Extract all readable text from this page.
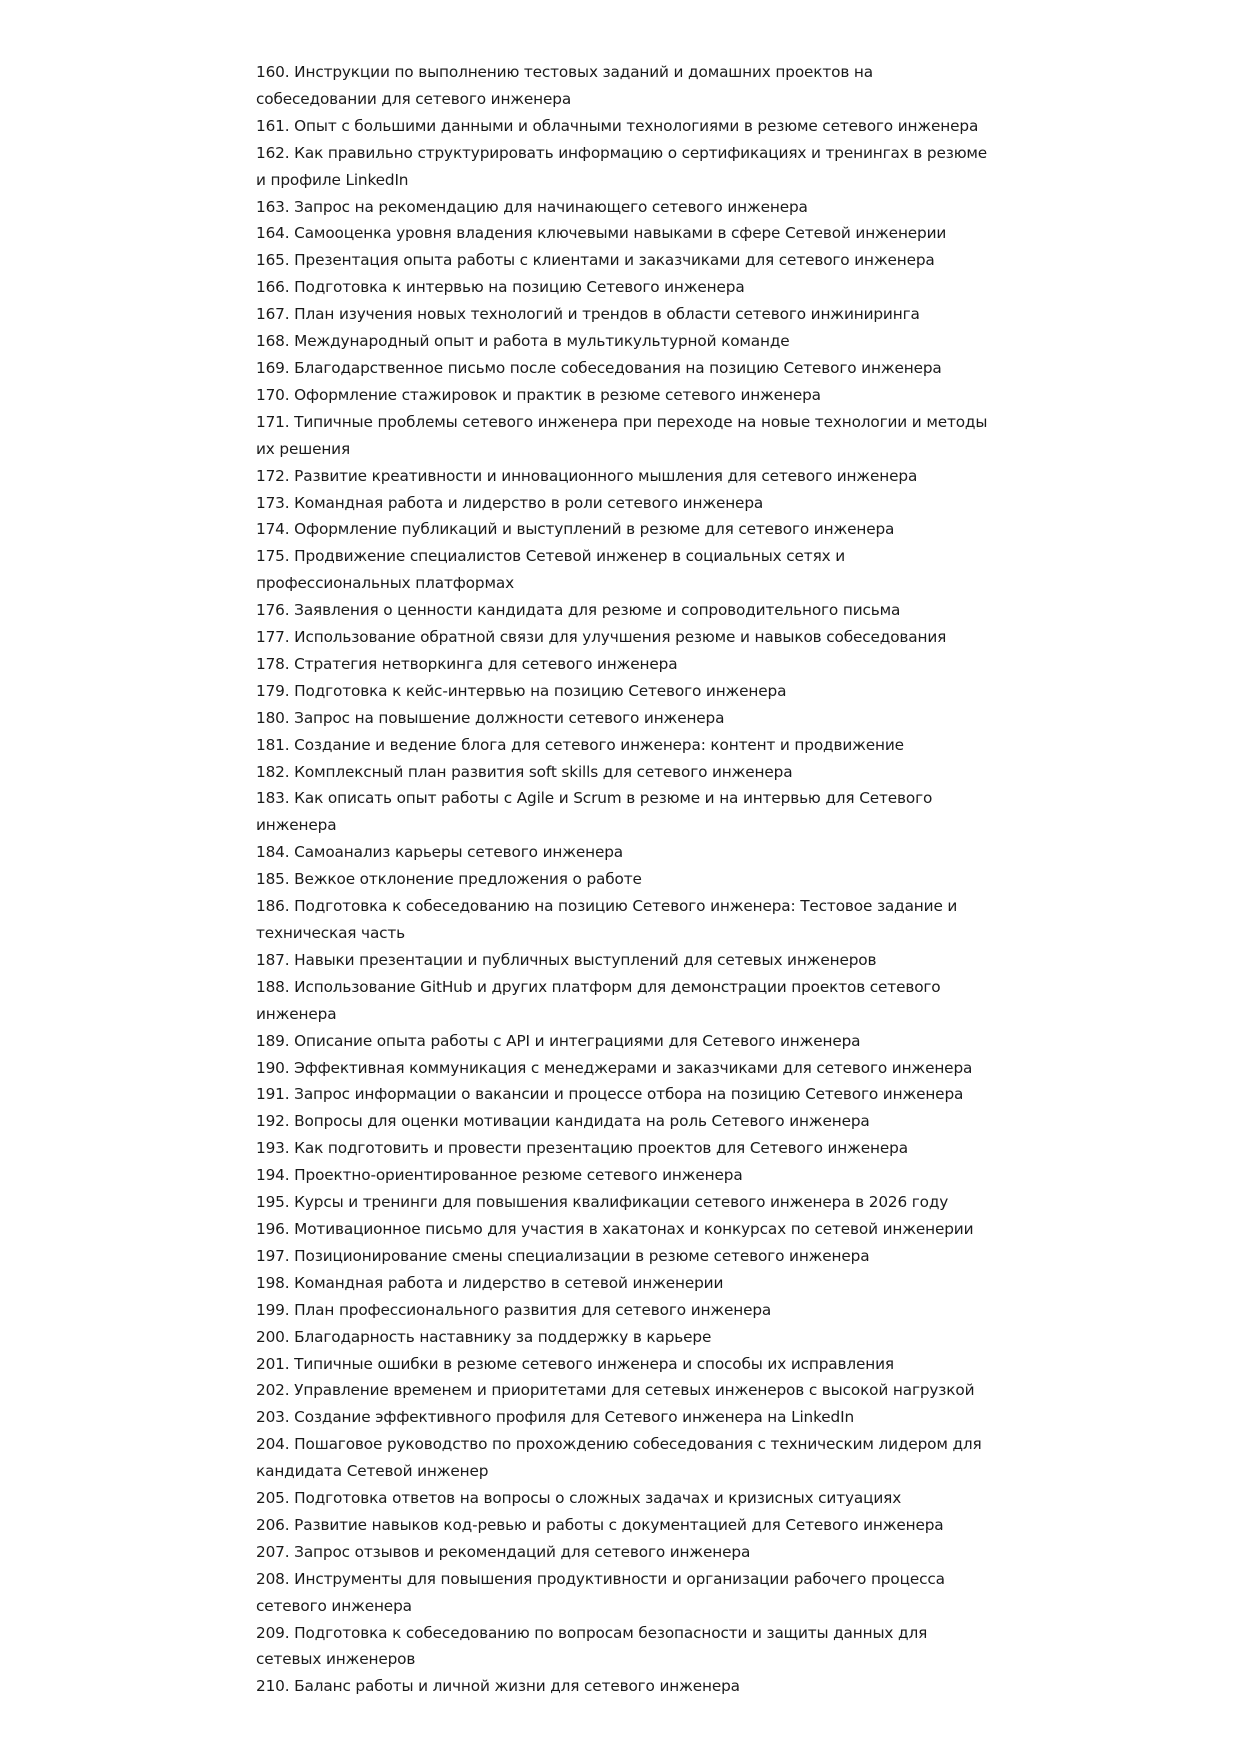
160. Инструкции по выполнению тестовых заданий и домашних проектов на собеседовании для сетевого инженера
161. Опыт с большими данными и облачными технологиями в резюме сетевого инженера
162. Как правильно структурировать информацию о сертификациях и тренингах в резюме и профиле LinkedIn
163. Запрос на рекомендацию для начинающего сетевого инженера
164. Самооценка уровня владения ключевыми навыками в сфере Сетевой инженерии
165. Презентация опыта работы с клиентами и заказчиками для сетевого инженера
166. Подготовка к интервью на позицию Сетевого инженера
167. План изучения новых технологий и трендов в области сетевого инжиниринга
168. Международный опыт и работа в мультикультурной команде
169. Благодарственное письмо после собеседования на позицию Сетевого инженера
170. Оформление стажировок и практик в резюме сетевого инженера
171. Типичные проблемы сетевого инженера при переходе на новые технологии и методы их решения
172. Развитие креативности и инновационного мышления для сетевого инженера
173. Командная работа и лидерство в роли сетевого инженера
174. Оформление публикаций и выступлений в резюме для сетевого инженера
175. Продвижение специалистов Сетевой инженер в социальных сетях и профессиональных платформах
176. Заявления о ценности кандидата для резюме и сопроводительного письма
177. Использование обратной связи для улучшения резюме и навыков собеседования
178. Стратегия нетворкинга для сетевого инженера
179. Подготовка к кейс-интервью на позицию Сетевого инженера
180. Запрос на повышение должности сетевого инженера
181. Создание и ведение блога для сетевого инженера: контент и продвижение
182. Комплексный план развития soft skills для сетевого инженера
183. Как описать опыт работы с Agile и Scrum в резюме и на интервью для Сетевого инженера
184. Самоанализ карьеры сетевого инженера
185. Вежкое отклонение предложения о работе
186. Подготовка к собеседованию на позицию Сетевого инженера: Тестовое задание и техническая часть
187. Навыки презентации и публичных выступлений для сетевых инженеров
188. Использование GitHub и других платформ для демонстрации проектов сетевого инженера
189. Описание опыта работы с API и интеграциями для Сетевого инженера
190. Эффективная коммуникация с менеджерами и заказчиками для сетевого инженера
191. Запрос информации о вакансии и процессе отбора на позицию Сетевого инженера
192. Вопросы для оценки мотивации кандидата на роль Сетевого инженера
193. Как подготовить и провести презентацию проектов для Сетевого инженера
194. Проектно-ориентированное резюме сетевого инженера
195. Курсы и тренинги для повышения квалификации сетевого инженера в 2026 году
196. Мотивационное письмо для участия в хакатонах и конкурсах по сетевой инженерии
197. Позиционирование смены специализации в резюме сетевого инженера
198. Командная работа и лидерство в сетевой инженерии
199. План профессионального развития для сетевого инженера
200. Благодарность наставнику за поддержку в карьере
201. Типичные ошибки в резюме сетевого инженера и способы их исправления
202. Управление временем и приоритетами для сетевых инженеров с высокой нагрузкой
203. Создание эффективного профиля для Сетевого инженера на LinkedIn
204. Пошаговое руководство по прохождению собеседования с техническим лидером для кандидата Сетевой инженер
205. Подготовка ответов на вопросы о сложных задачах и кризисных ситуациях
206. Развитие навыков код-ревью и работы с документацией для Сетевого инженера
207. Запрос отзывов и рекомендаций для сетевого инженера
208. Инструменты для повышения продуктивности и организации рабочего процесса сетевого инженера
209. Подготовка к собеседованию по вопросам безопасности и защиты данных для сетевых инженеров
210. Баланс работы и личной жизни для сетевого инженера
